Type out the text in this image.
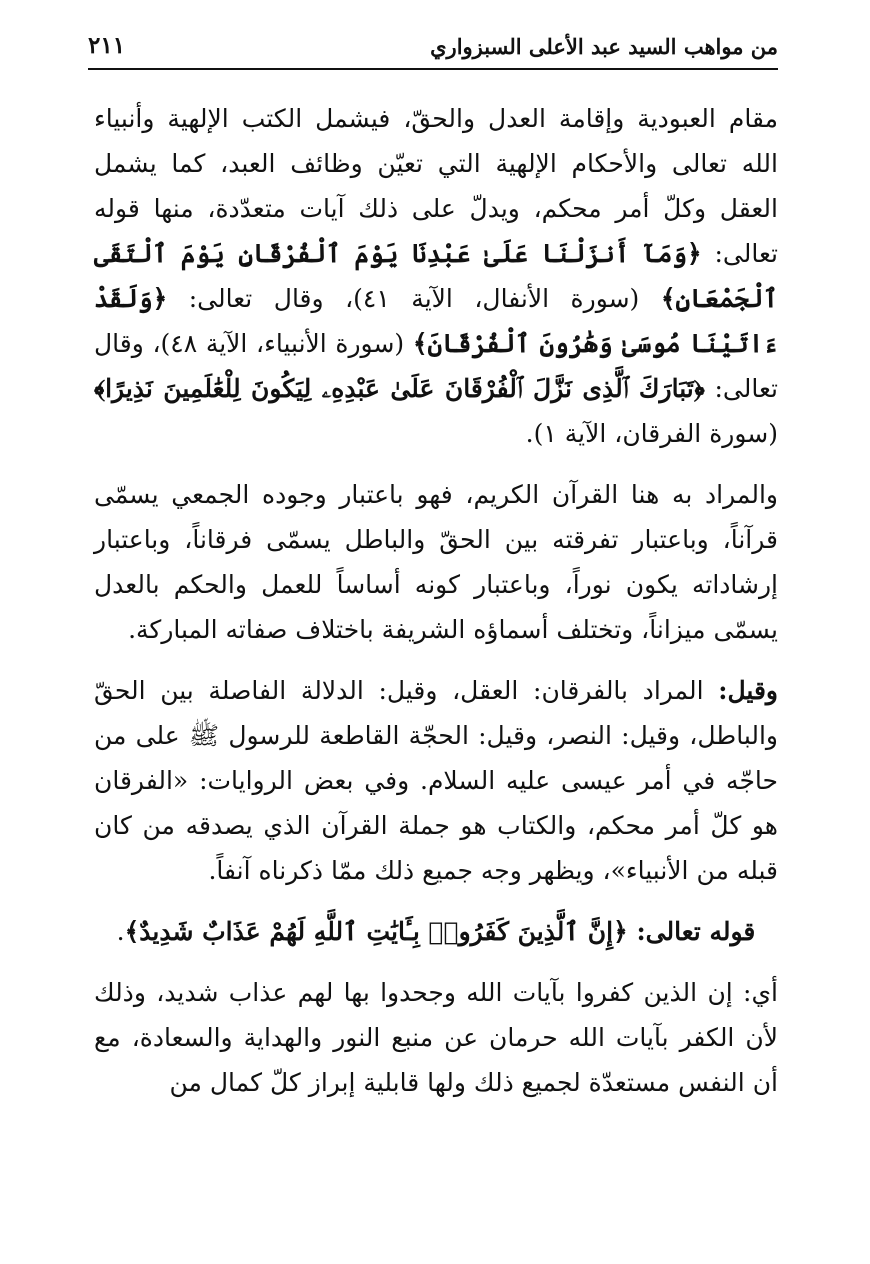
من مواهب السيد عبد الأعلى السبزواري
٢١١

مقام العبودية وإقامة العدل والحقّ، فيشمل الكتب الإلهية وأنبياء الله تعالى والأحكام الإلهية التي تعيّن وظائف العبد، كما يشمل العقل وكلّ أمر محكم، ويدلّ على ذلك آيات متعدّدة، منها قوله تعالى: ﴿وَمَآ أَنزَلْنَا عَلَىٰ عَبْدِنَا يَوْمَ ٱلْفُرْقَانِ يَوْمَ ٱلْتَقَى ٱلْجَمْعَانِ﴾ (سورة الأنفال، الآية ٤١)، وقال تعالى: ﴿وَلَقَدْ ءَاتَيْنَا مُوسَىٰ وَهَٰرُونَ ٱلْفُرْقَانَ﴾ (سورة الأنبياء، الآية ٤٨)، وقال تعالى: ﴿تَبَارَكَ ٱلَّذِى نَزَّلَ ٱلْفُرْقَانَ عَلَىٰ عَبْدِهِۦ لِيَكُونَ لِلْعَٰلَمِينَ نَذِيرًا﴾ (سورة الفرقان، الآية ١).

والمراد به هنا القرآن الكريم، فهو باعتبار وجوده الجمعي يسمّى قرآناً، وباعتبار تفرقته بين الحقّ والباطل يسمّى فرقاناً، وباعتبار إرشاداته يكون نوراً، وباعتبار كونه أساساً للعمل والحكم بالعدل يسمّى ميزاناً، وتختلف أسماؤه الشريفة باختلاف صفاته المباركة.

وقيل: المراد بالفرقان: العقل، وقيل: الدلالة الفاصلة بين الحقّ والباطل، وقيل: النصر، وقيل: الحجّة القاطعة للرسول ﷺ على من حاجّه في أمر عيسى عليه السلام. وفي بعض الروايات: «الفرقان هو كلّ أمر محكم، والكتاب هو جملة القرآن الذي يصدقه من كان قبله من الأنبياء»، ويظهر وجه جميع ذلك ممّا ذكرناه آنفاً.

قوله تعالى: ﴿إِنَّ ٱلَّذِينَ كَفَرُوا۟ بِـَٔايَٰتِ ٱللَّهِ لَهُمْ عَذَابٌ شَدِيدٌ﴾.

أي: إن الذين كفروا بآيات الله وجحدوا بها لهم عذاب شديد، وذلك لأن الكفر بآيات الله حرمان عن منبع النور والهداية والسعادة، مع أن النفس مستعدّة لجميع ذلك ولها قابلية إبراز كلّ كمال من
